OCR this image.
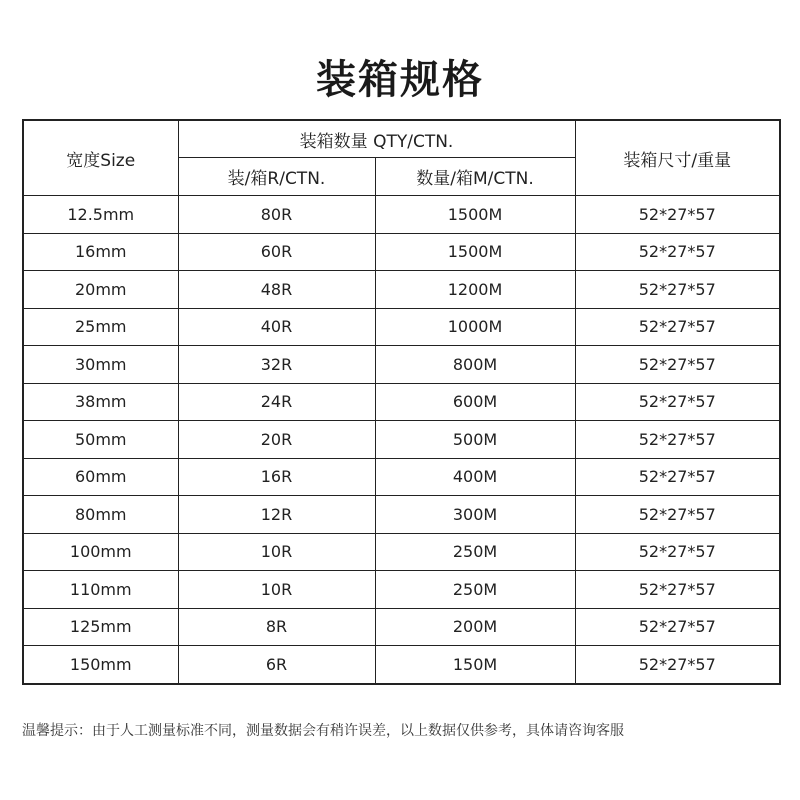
装箱规格
宽度Size	装箱数量 QTY/CTN.		装箱尺寸/重量
	装/箱R/CTN.	数量/箱M/CTN.	
12.5mm	80R	1500M	52*27*57
16mm	60R	1500M	52*27*57
20mm	48R	1200M	52*27*57
25mm	40R	1000M	52*27*57
30mm	32R	800M	52*27*57
38mm	24R	600M	52*27*57
50mm	20R	500M	52*27*57
60mm	16R	400M	52*27*57
80mm	12R	300M	52*27*57
100mm	10R	250M	52*27*57
110mm	10R	250M	52*27*57
125mm	8R	200M	52*27*57
150mm	6R	150M	52*27*57
温馨提示：由于人工测量标准不同，测量数据会有稍许误差，以上数据仅供参考，具体请咨询客服
